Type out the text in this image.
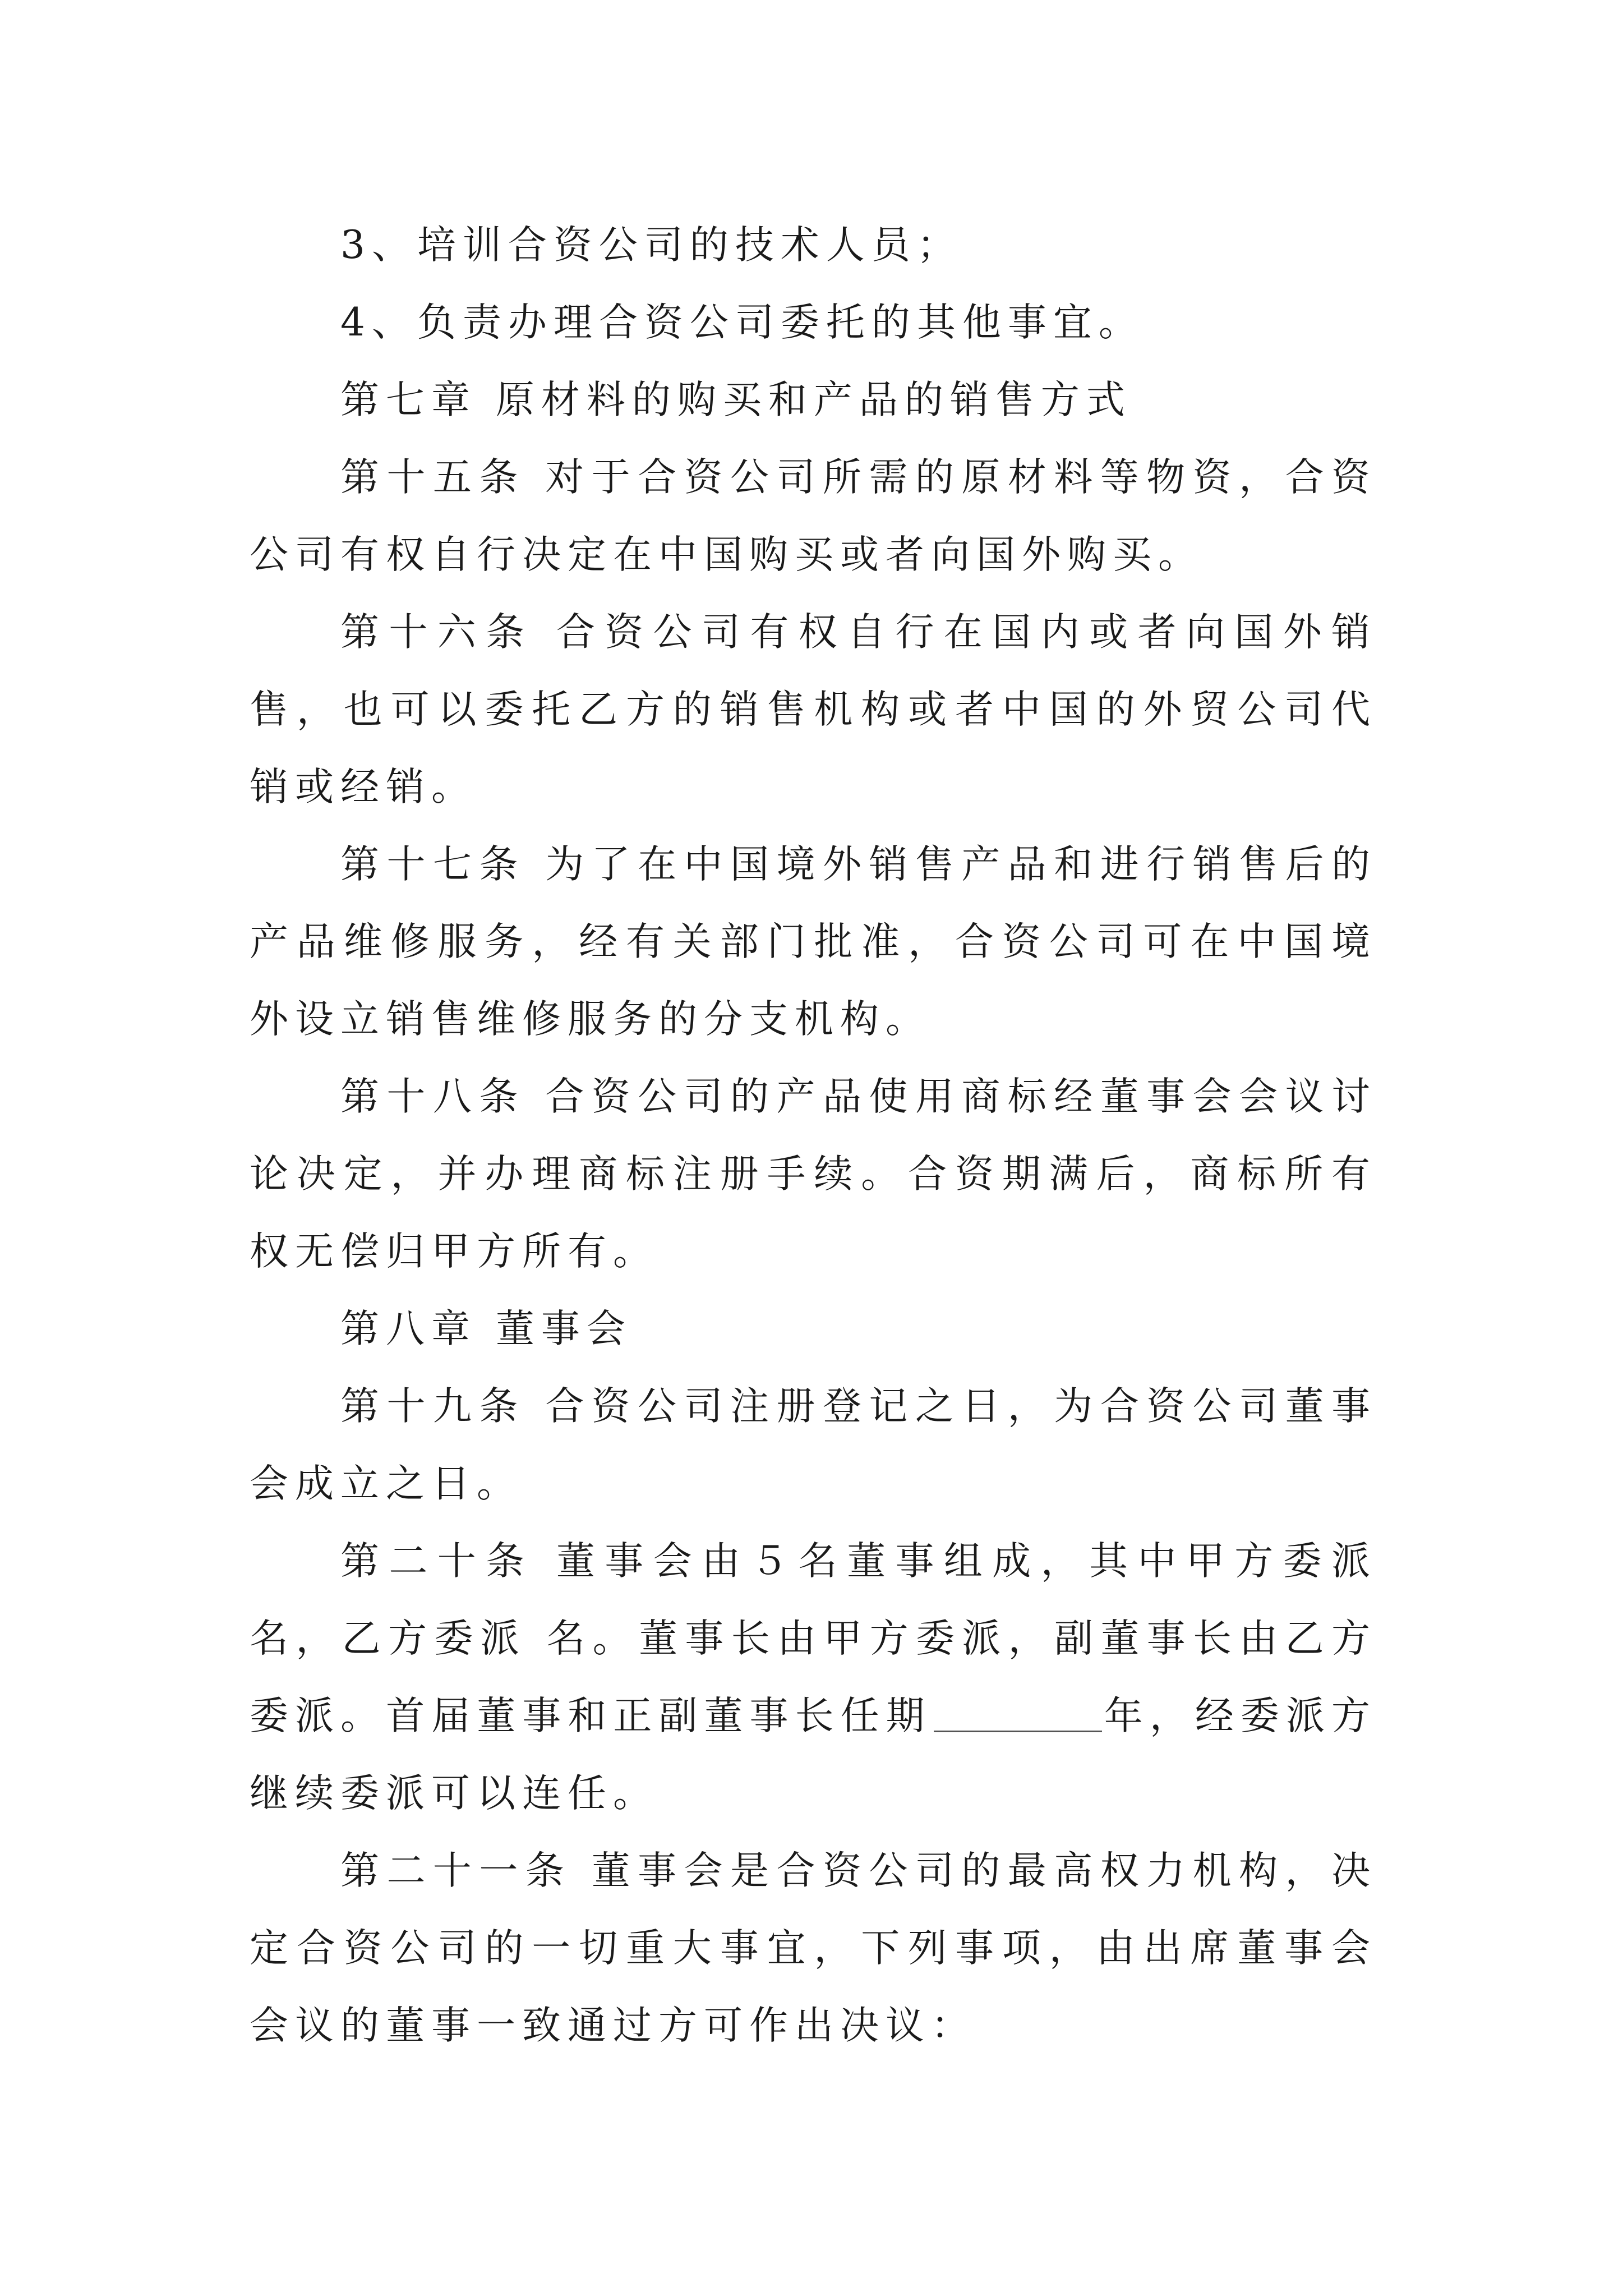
3、培训合资公司的技术人员；

4、负责办理合资公司委托的其他事宜。

第七章 原材料的购买和产品的销售方式

第十五条 对于合资公司所需的原材料等物资，合资公司有权自行决定在中国购买或者向国外购买。

第十六条 合资公司有权自行在国内或者向国外销售，也可以委托乙方的销售机构或者中国的外贸公司代销或经销。

第十七条 为了在中国境外销售产品和进行销售后的产品维修服务，经有关部门批准，合资公司可在中国境外设立销售维修服务的分支机构。

第十八条 合资公司的产品使用商标经董事会会议讨论决定，并办理商标注册手续。合资期满后，商标所有权无偿归甲方所有。

第八章 董事会

第十九条 合资公司注册登记之日，为合资公司董事会成立之日。

第二十条 董事会由５名董事组成，其中甲方委派 名，乙方委派 名。董事长由甲方委派，副董事长由乙方委派。首届董事和正副董事长任期	年，经委派方继续委派可以连任。

第二十一条 董事会是合资公司的最高权力机构，决定合资公司的一切重大事宜，下列事项，由出席董事会会议的董事一致通过方可作出决议：
